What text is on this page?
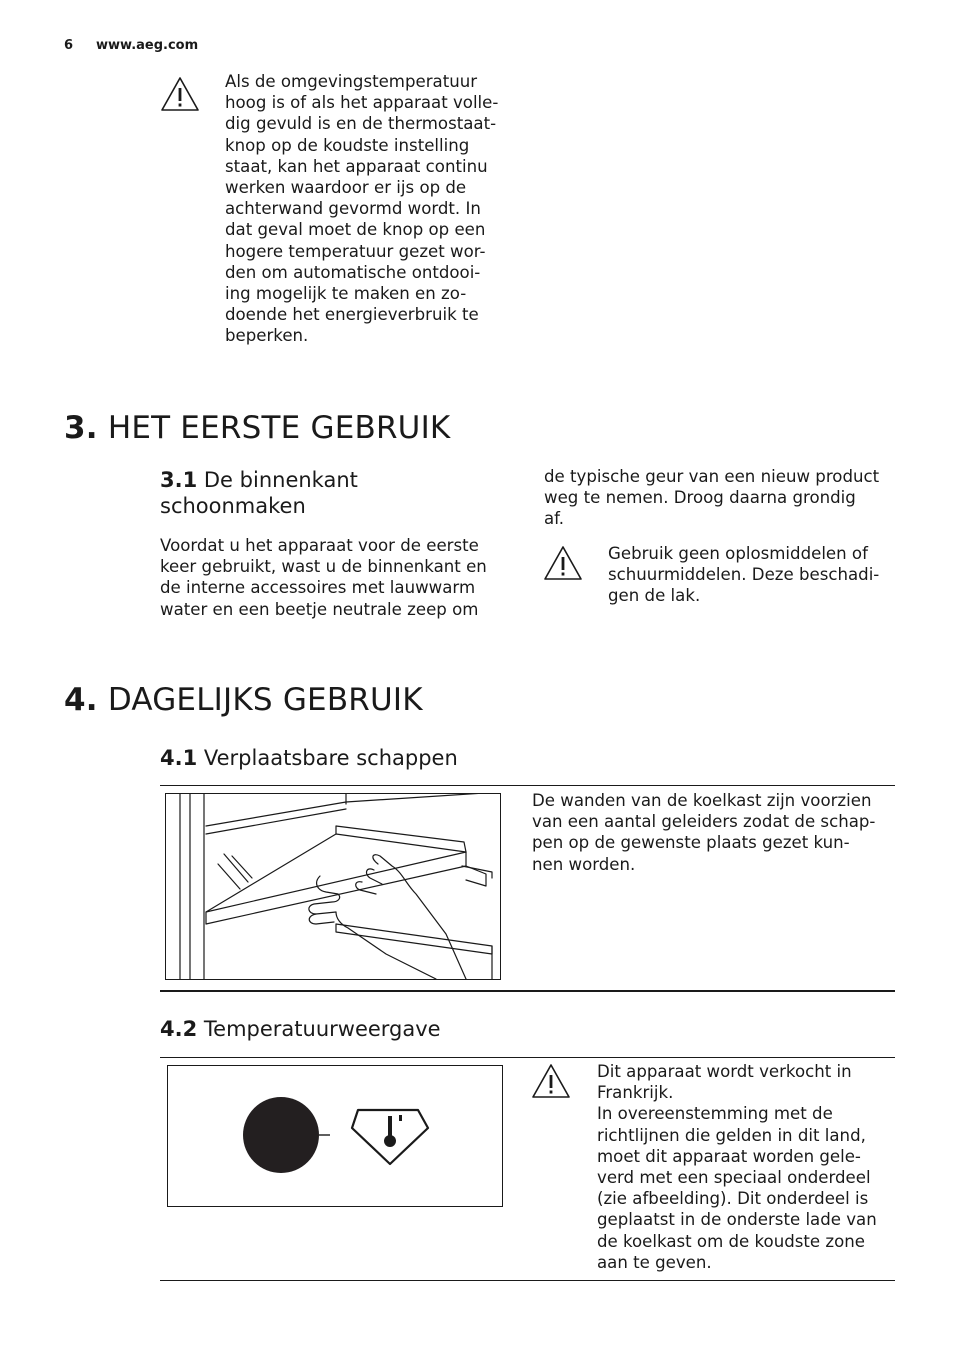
6 www.aeg.com

Als de omgevingstemperatuur

hoog is of als het apparaat volle-

dig gevuld is en de thermostaat-

knop op de koudste instelling

staat, kan het apparaat continu

werken waardoor er ijs op de

achterwand gevormd wordt. In

dat geval moet de knop op een

hogere temperatuur gezet wor-

den om automatische ontdooi-

ing mogelijk te maken en zo-

doende het energieverbruik te

beperken.

3. HET EERSTE GEBRUIK
3.1 De binnenkant
schoonmaken

Voordat u het apparaat voor de eerste

keer gebruikt, wast u de binnenkant en

de interne accessoires met lauwwarm

water en een beetje neutrale zeep om

de typische geur van een nieuw product

weg te nemen. Droog daarna grondig

af.

Gebruik geen oplosmiddelen of

schuurmiddelen. Deze beschadi-

gen de lak.

4. DAGELIJKS GEBRUIK
4.1 Verplaatsbare schappen

De wanden van de koelkast zijn voorzien

van een aantal geleiders zodat de schap-

pen op de gewenste plaats gezet kun-

nen worden.

4.2 Temperatuurweergave

Dit apparaat wordt verkocht in

Frankrijk.

In overeenstemming met de

richtlijnen die gelden in dit land,

moet dit apparaat worden gele-

verd met een speciaal onderdeel

(zie afbeelding). Dit onderdeel is

geplaatst in de onderste lade van

de koelkast om de koudste zone

aan te geven.
